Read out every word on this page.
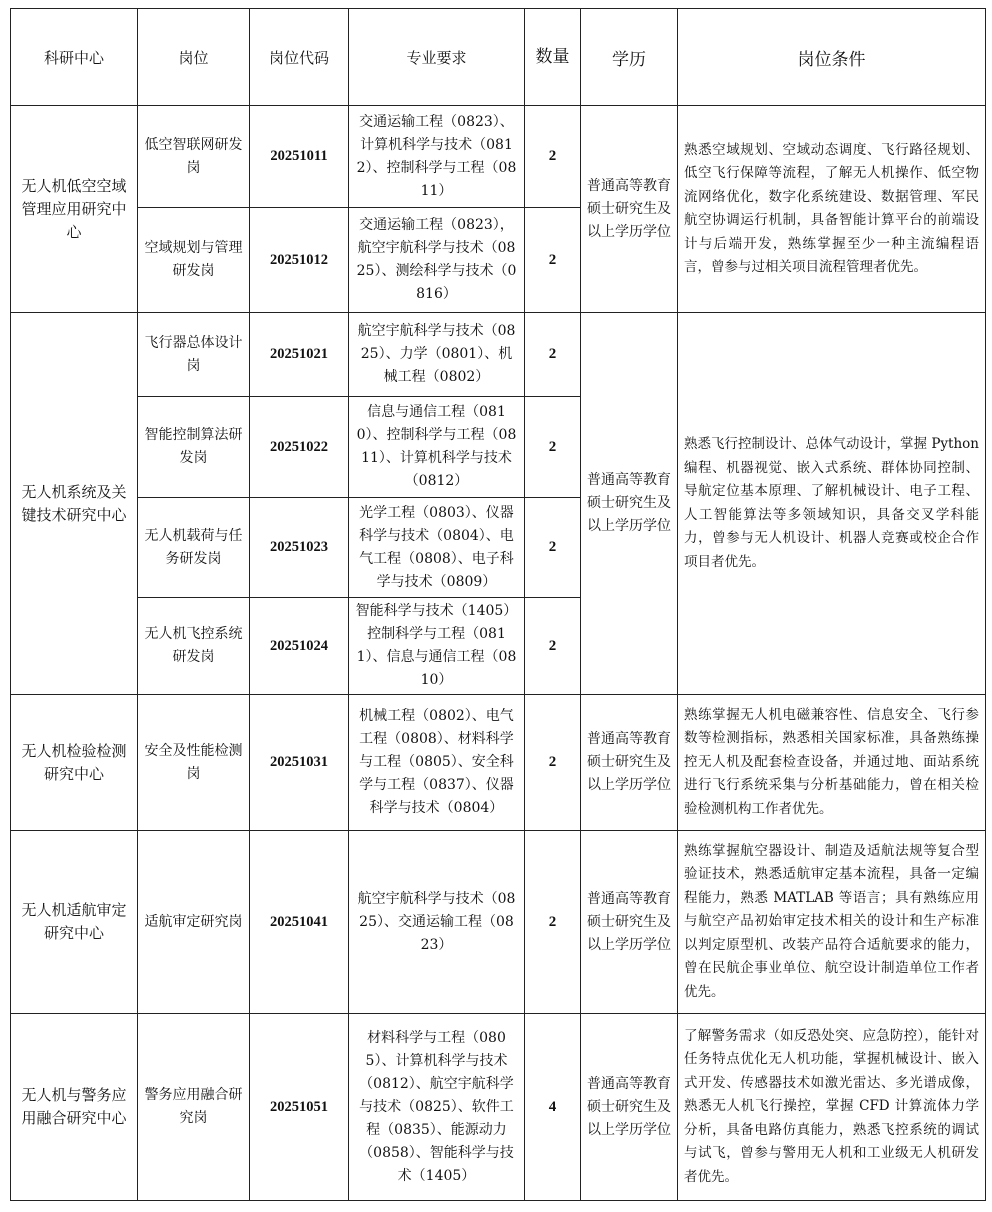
科研中心	岗位	岗位代码	专业要求	数量	学历	岗位条件
无人机低空空域管理应用研究中心	低空智联网研发岗	20251011	交通运输工程（0823）、计算机科学与技术（0812）、控制科学与工程（0811）	2	普通高等教育硕士研究生及以上学历学位	熟悉空域规划、空域动态调度、飞行路径规划、低空飞行保障等流程，了解无人机操作、低空物流网络优化，数字化系统建设、数据管理、军民航空协调运行机制，具备智能计算平台的前端设计与后端开发，熟练掌握至少一种主流编程语言，曾参与过相关项目流程管理者优先。
	空域规划与管理研发岗	20251012	交通运输工程（0823），航空宇航科学与技术（0825）、测绘科学与技术（0816）	2		
无人机系统及关键技术研究中心	飞行器总体设计岗	20251021	航空宇航科学与技术（0825）、力学（0801）、机械工程（0802）	2	普通高等教育硕士研究生及以上学历学位	熟悉飞行控制设计、总体气动设计，掌握 Python 编程、机器视觉、嵌入式系统、群体协同控制、导航定位基本原理、了解机械设计、电子工程、人工智能算法等多领域知识，具备交叉学科能力，曾参与无人机设计、机器人竞赛或校企合作项目者优先。
	智能控制算法研发岗	20251022	信息与通信工程（0810）、控制科学与工程（0811）、计算机科学与技术（0812）	2		
	无人机载荷与任务研发岗	20251023	光学工程（0803）、仪器科学与技术（0804）、电气工程（0808）、电子科学与技术（0809）	2		
	无人机飞控系统研发岗	20251024	智能科学与技术（1405）控制科学与工程（0811）、信息与通信工程（0810）	2		
无人机检验检测研究中心	安全及性能检测岗	20251031	机械工程（0802）、电气工程（0808）、材料科学与工程（0805）、安全科学与工程（0837）、仪器科学与技术（0804）	2	普通高等教育硕士研究生及以上学历学位	熟练掌握无人机电磁兼容性、信息安全、飞行参数等检测指标，熟悉相关国家标准，具备熟练操控无人机及配套检查设备，并通过地、面站系统进行飞行系统采集与分析基础能力，曾在相关检验检测机构工作者优先。
无人机适航审定研究中心	适航审定研究岗	20251041	航空宇航科学与技术（0825）、交通运输工程（0823）	2	普通高等教育硕士研究生及以上学历学位	熟练掌握航空器设计、制造及适航法规等复合型验证技术，熟悉适航审定基本流程，具备一定编程能力，熟悉 MATLAB 等语言；具有熟练应用与航空产品初始审定技术相关的设计和生产标准以判定原型机、改装产品符合适航要求的能力，曾在民航企事业单位、航空设计制造单位工作者优先。
无人机与警务应用融合研究中心	警务应用融合研究岗	20251051	材料科学与工程（0805）、计算机科学与技术（0812）、航空宇航科学与技术（0825）、软件工程（0835）、能源动力（0858）、智能科学与技术（1405）	4	普通高等教育硕士研究生及以上学历学位	了解警务需求（如反恐处突、应急防控），能针对任务特点优化无人机功能，掌握机械设计、嵌入式开发、传感器技术如激光雷达、多光谱成像，熟悉无人机飞行操控，掌握 CFD 计算流体力学分析，具备电路仿真能力，熟悉飞控系统的调试与试飞，曾参与警用无人机和工业级无人机研发者优先。
